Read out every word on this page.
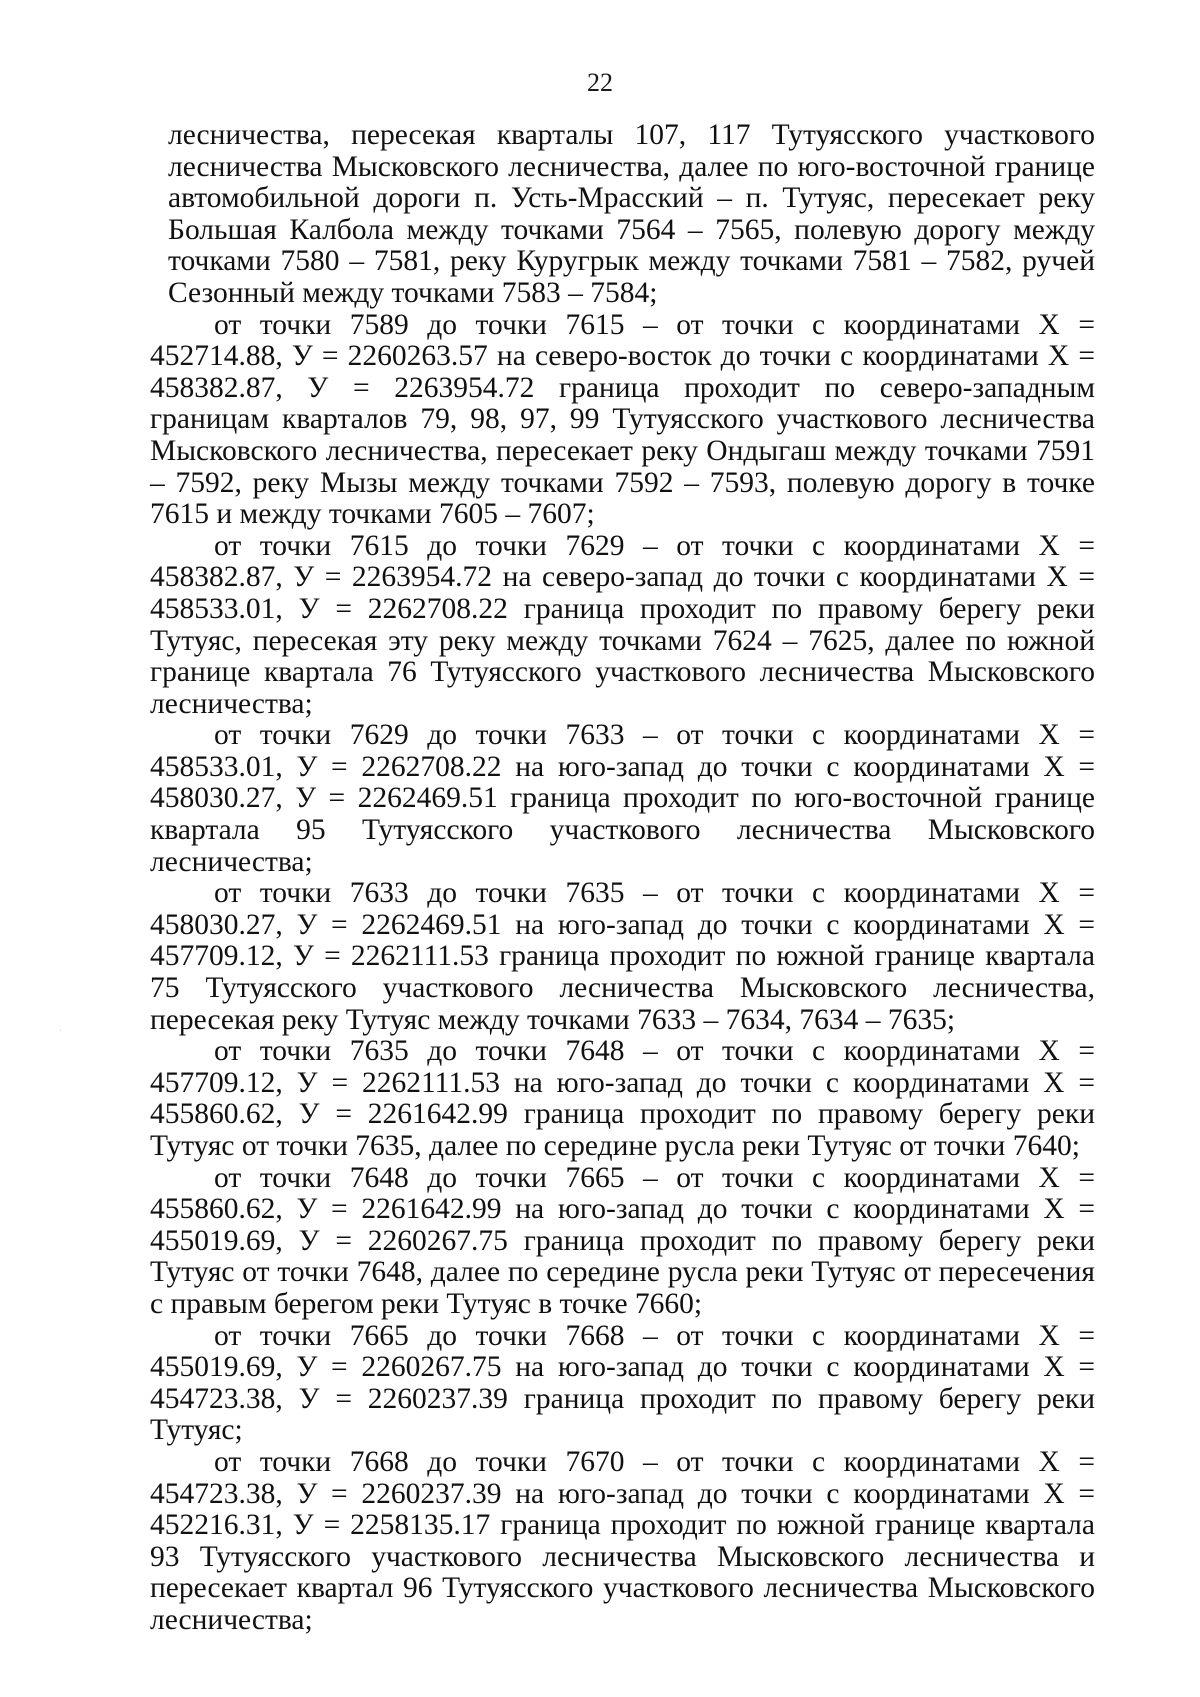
22

лесничества, пересекая кварталы 107, 117 Тутуясского участкового лесничества Мысковского лесничества, далее по юго-восточной границе автомобильной дороги п. Усть-Мрасский – п. Тутуяс, пересекает реку Большая Калбола между точками 7564 – 7565, полевую дорогу между точками 7580 – 7581, реку Куругрык между точками 7581 – 7582, ручей Сезонный между точками 7583 – 7584;

от точки 7589 до точки 7615 – от точки с координатами Х = 452714.88, У = 2260263.57 на северо-восток до точки с координатами Х = 458382.87, У = 2263954.72 граница проходит по северо-западным границам кварталов 79, 98, 97, 99 Тутуясского участкового лесничества Мысковского лесничества, пересекает реку Ондыгаш между точками 7591 – 7592, реку Мызы между точками 7592 – 7593, полевую дорогу в точке 7615 и между точками 7605 – 7607;

от точки 7615 до точки 7629 – от точки с координатами Х = 458382.87, У = 2263954.72 на северо-запад до точки с координатами Х = 458533.01, У = 2262708.22 граница проходит по правому берегу реки Тутуяс, пересекая эту реку между точками 7624 – 7625, далее по южной границе квартала 76 Тутуясского участкового лесничества Мысковского лесничества;

от точки 7629 до точки 7633 – от точки с координатами Х = 458533.01, У = 2262708.22 на юго-запад до точки с координатами Х = 458030.27, У = 2262469.51 граница проходит по юго-восточной границе квартала 95 Тутуясского участкового лесничества Мысковского лесничества;

от точки 7633 до точки 7635 – от точки с координатами Х = 458030.27, У = 2262469.51 на юго-запад до точки с координатами Х = 457709.12, У = 2262111.53 граница проходит по южной границе квартала 75 Тутуясского участкового лесничества Мысковского лесничества, пересекая реку Тутуяс между точками 7633 – 7634, 7634 – 7635;

от точки 7635 до точки 7648 – от точки с координатами Х = 457709.12, У = 2262111.53 на юго-запад до точки с координатами Х = 455860.62, У = 2261642.99 граница проходит по правому берегу реки Тутуяс от точки 7635, далее по середине русла реки Тутуяс от точки 7640;

от точки 7648 до точки 7665 – от точки с координатами Х = 455860.62, У = 2261642.99 на юго-запад до точки с координатами Х = 455019.69, У = 2260267.75 граница проходит по правому берегу реки Тутуяс от точки 7648, далее по середине русла реки Тутуяс от пересечения с правым берегом реки Тутуяс в точке 7660;

от точки 7665 до точки 7668 – от точки с координатами Х = 455019.69, У = 2260267.75 на юго-запад до точки с координатами Х = 454723.38, У = 2260237.39 граница проходит по правому берегу реки Тутуяс;

от точки 7668 до точки 7670 – от точки с координатами Х = 454723.38, У = 2260237.39 на юго-запад до точки с координатами Х = 452216.31, У = 2258135.17 граница проходит по южной границе квартала 93 Тутуясского участкового лесничества Мысковского лесничества и пересекает квартал 96 Тутуясского участкового лесничества Мысковского лесничества;
